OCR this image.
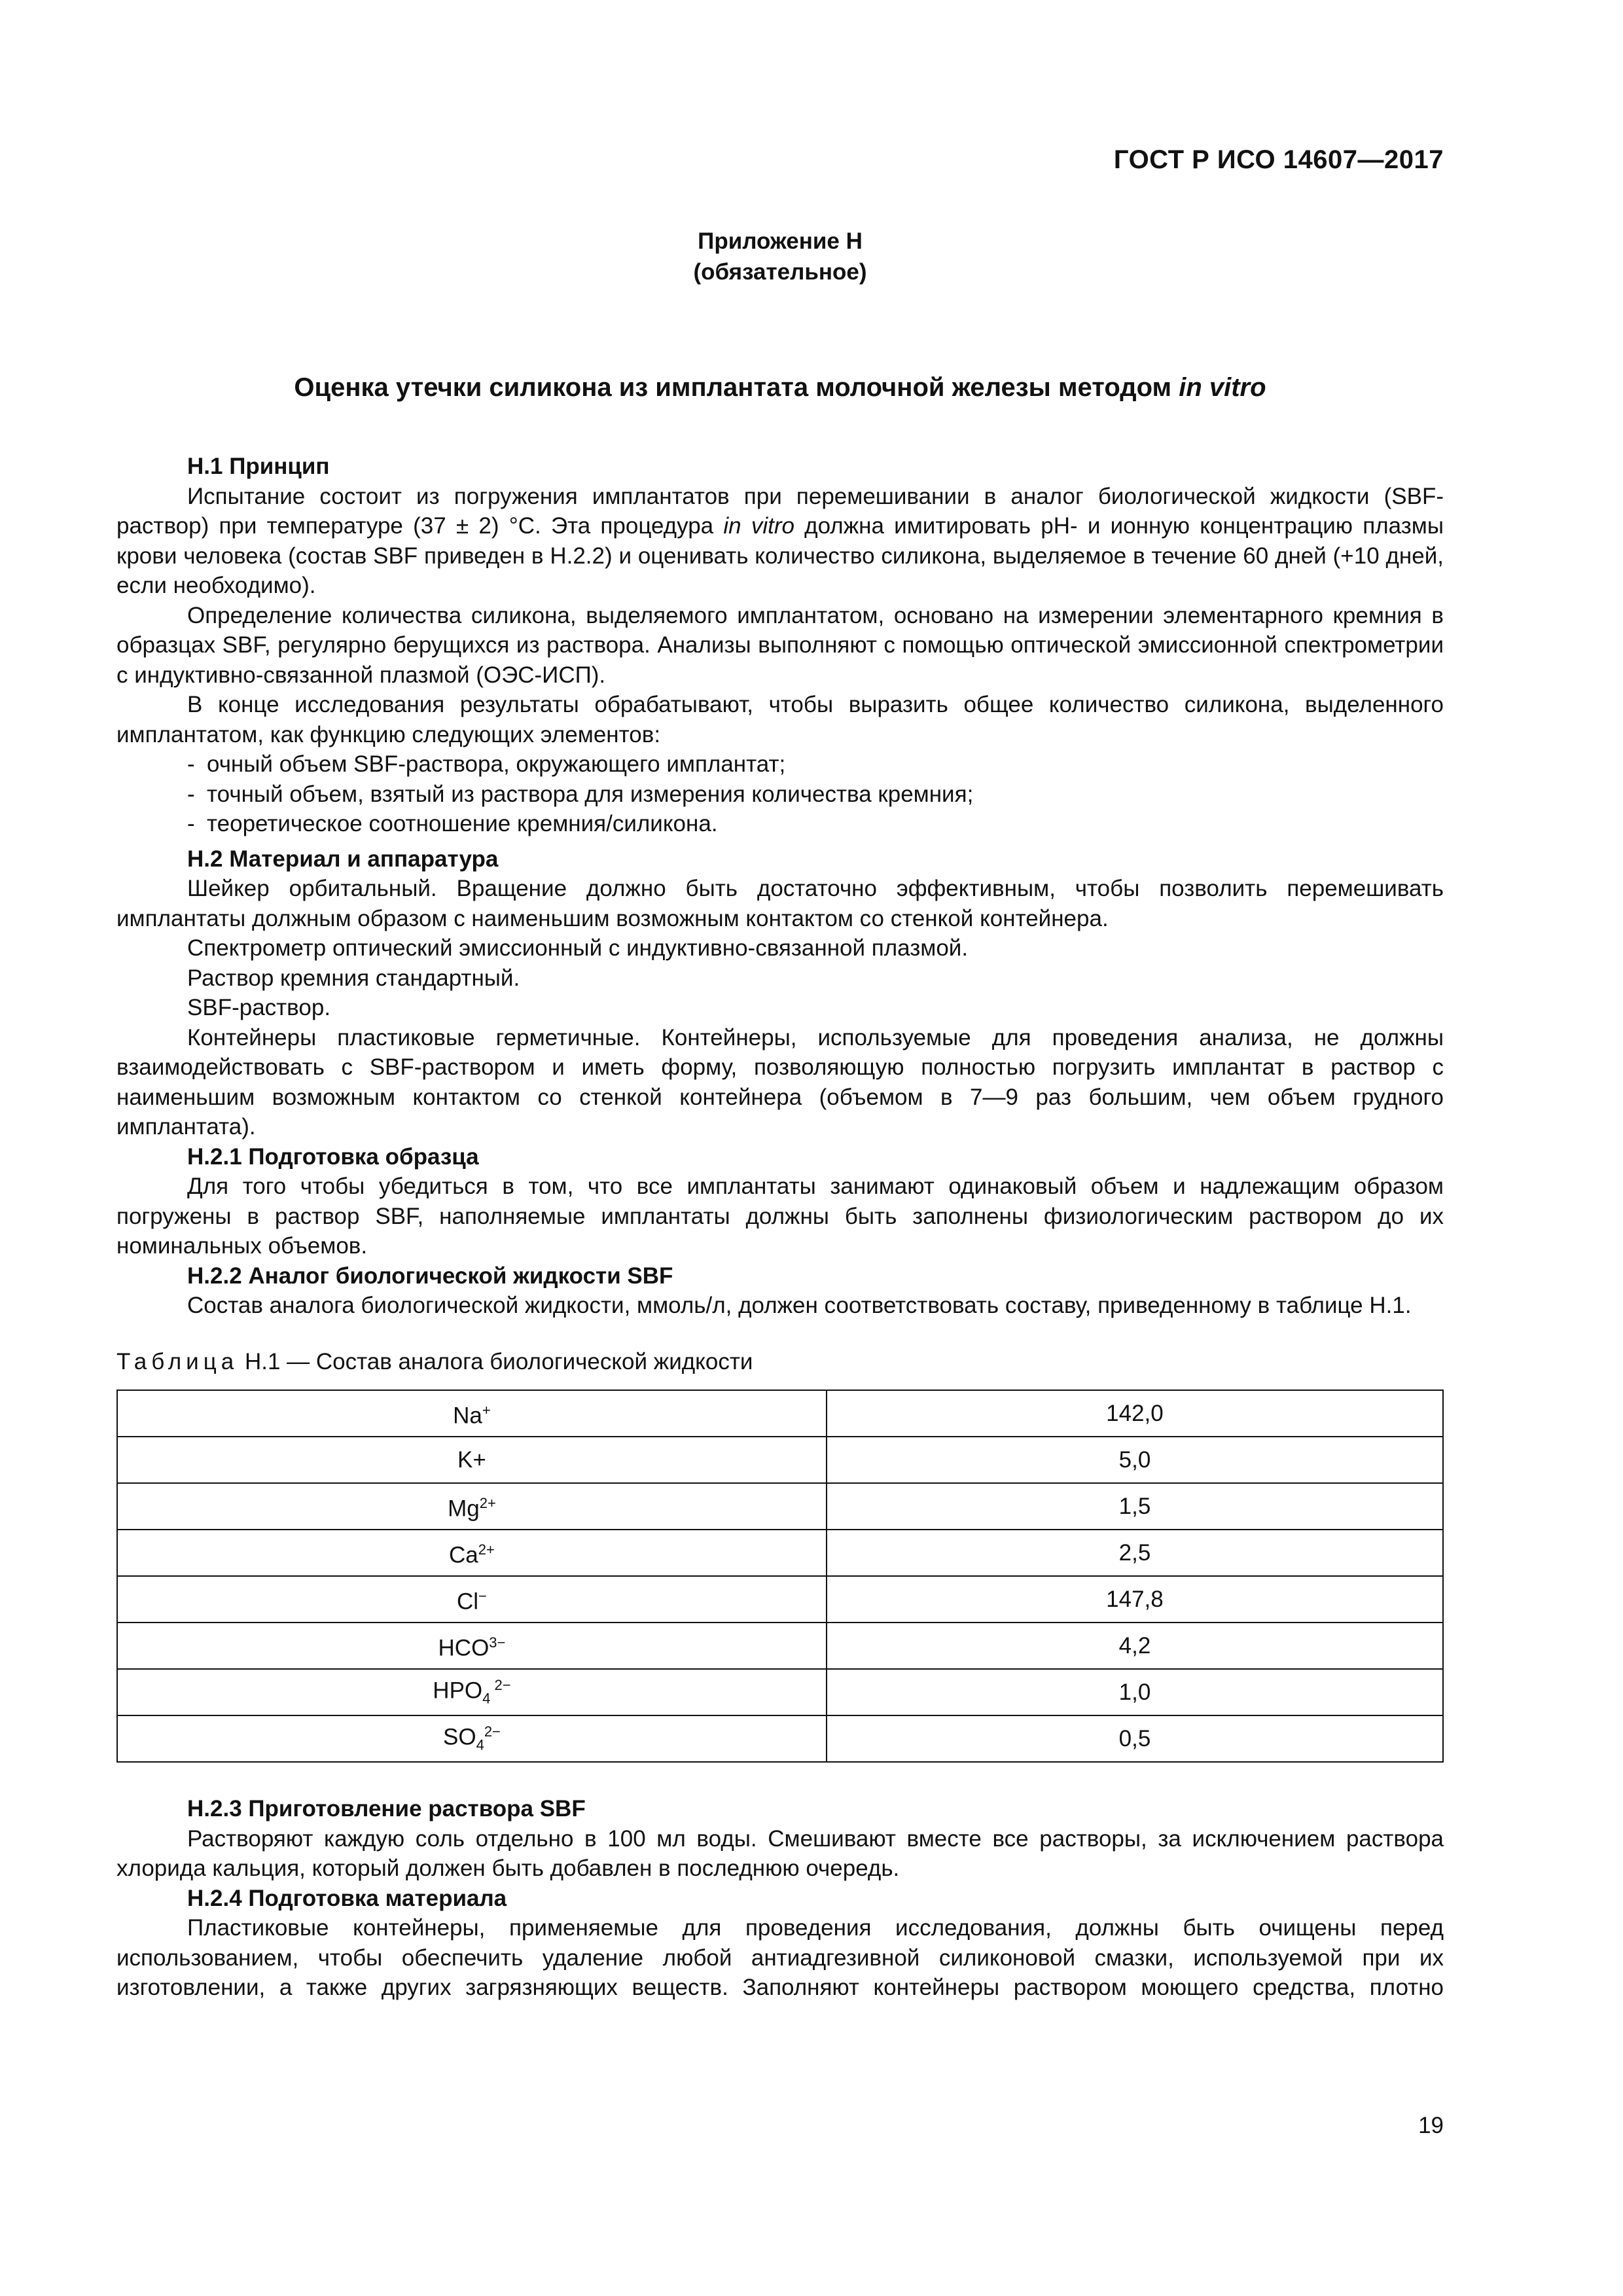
ГОСТ Р ИСО 14607—2017
Приложение Н
(обязательное)
Оценка утечки силикона из имплантата молочной железы методом in vitro
Н.1 Принцип

Испытание состоит из погружения имплантатов при перемешивании в аналог биологической жидкости (SBF-раствор) при температуре (37 ± 2) °С. Эта процедура in vitro должна имитировать рН- и ионную концентрацию плазмы крови человека (состав SBF приведен в Н.2.2) и оценивать количество силикона, выделяемое в течение 60 дней (+10 дней, если необходимо).

Определение количества силикона, выделяемого имплантатом, основано на измерении элементарного кремния в образцах SBF, регулярно берущихся из раствора. Анализы выполняют с помощью оптической эмиссионной спектрометрии с индуктивно-связанной плазмой (ОЭС-ИСП).

В конце исследования результаты обрабатывают, чтобы выразить общее количество силикона, выделенного имплантатом, как функцию следующих элементов:

- очный объем SBF-раствора, окружающего имплантат;
- точный объем, взятый из раствора для измерения количества кремния;
- теоретическое соотношение кремния/силикона.
Н.2 Материал и аппаратура

Шейкер орбитальный. Вращение должно быть достаточно эффективным, чтобы позволить перемешивать имплантаты должным образом с наименьшим возможным контактом со стенкой контейнера.

Спектрометр оптический эмиссионный с индуктивно-связанной плазмой.

Раствор кремния стандартный.

SBF-раствор.

Контейнеры пластиковые герметичные. Контейнеры, используемые для проведения анализа, не должны взаимодействовать с SBF-раствором и иметь форму, позволяющую полностью погрузить имплантат в раствор с наименьшим возможным контактом со стенкой контейнера (объемом в 7—9 раз большим, чем объем грудного имплантата).

Н.2.1 Подготовка образца

Для того чтобы убедиться в том, что все имплантаты занимают одинаковый объем и надлежащим образом погружены в раствор SBF, наполняемые имплантаты должны быть заполнены физиологическим раствором до их номинальных объемов.

Н.2.2 Аналог биологической жидкости SBF

Состав аналога биологической жидкости, ммоль/л, должен соответствовать составу, приведенному в таблице Н.1.

Таблица Н.1 — Состав аналога биологической жидкости
Na+	142,0
K+	5,0
$Mg^{2+}$	1,5
$Ca^{2+}$	2,5
Cl−	147,8
$HCO^{3-}$	4,2
$HPO_4$ $^{2-}$	1,0
$SO_4^{2-}$	0,5
Н.2.3 Приготовление раствора SBF

Растворяют каждую соль отдельно в 100 мл воды. Смешивают вместе все растворы, за исключением раствора хлорида кальция, который должен быть добавлен в последнюю очередь.

Н.2.4 Подготовка материала

Пластиковые контейнеры, применяемые для проведения исследования, должны быть очищены перед использованием, чтобы обеспечить удаление любой антиадгезивной силиконовой смазки, используемой при их изготовлении, а также других загрязняющих веществ. Заполняют контейнеры раствором моющего средства, плотно

19
